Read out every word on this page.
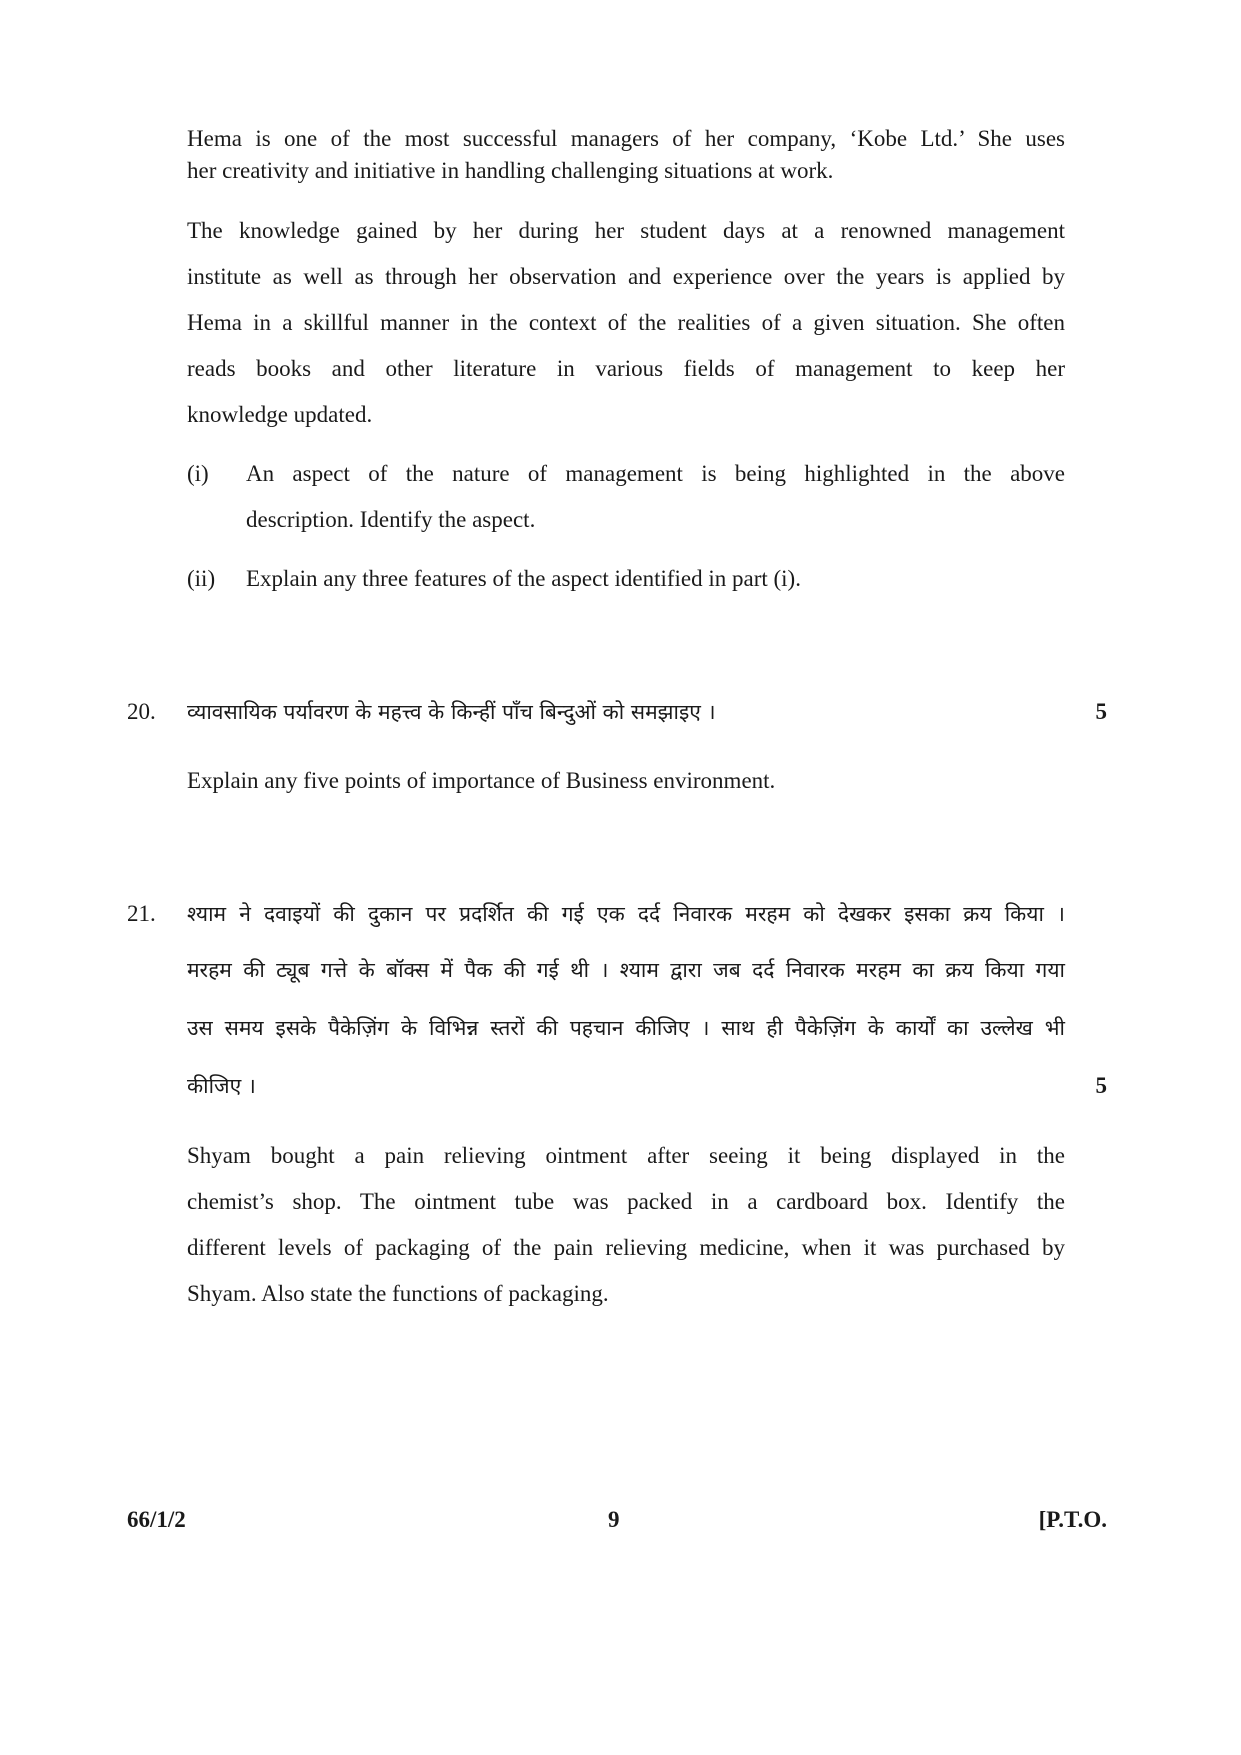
Hema is one of the most successful managers of her company, ‘Kobe Ltd.’ She uses
her creativity and initiative in handling challenging situations at work.
The knowledge gained by her during her student days at a renowned management
institute as well as through her observation and experience over the years is applied by
Hema in a skillful manner in the context of the realities of a given situation. She often
reads books and other literature in various fields of management to keep her
knowledge updated.
(i) An aspect of the nature of management is being highlighted in the above
description. Identify the aspect.
(ii) Explain any three features of the aspect identified in part (i).
20. व्यावसायिक पर्यावरण के महत्त्व के किन्हीं पाँच बिन्दुओं को समझाइए ।	5
Explain any five points of importance of Business environment.
21. श्याम ने दवाइयों की दुकान पर प्रदर्शित की गई एक दर्द निवारक मरहम को देखकर इसका क्रय किया ।
मरहम की ट्यूब गत्ते के बॉक्स में पैक की गई थी । श्याम द्वारा जब दर्द निवारक मरहम का क्रय किया गया
उस समय इसके पैकेज़िंग के विभिन्न स्तरों की पहचान कीजिए । साथ ही पैकेज़िंग के कार्यों का उल्लेख भी
कीजिए ।	5
Shyam bought a pain relieving ointment after seeing it being displayed in the
chemist’s shop. The ointment tube was packed in a cardboard box. Identify the
different levels of packaging of the pain relieving medicine, when it was purchased by
Shyam. Also state the functions of packaging.
66/1/2	9	[P.T.O.
